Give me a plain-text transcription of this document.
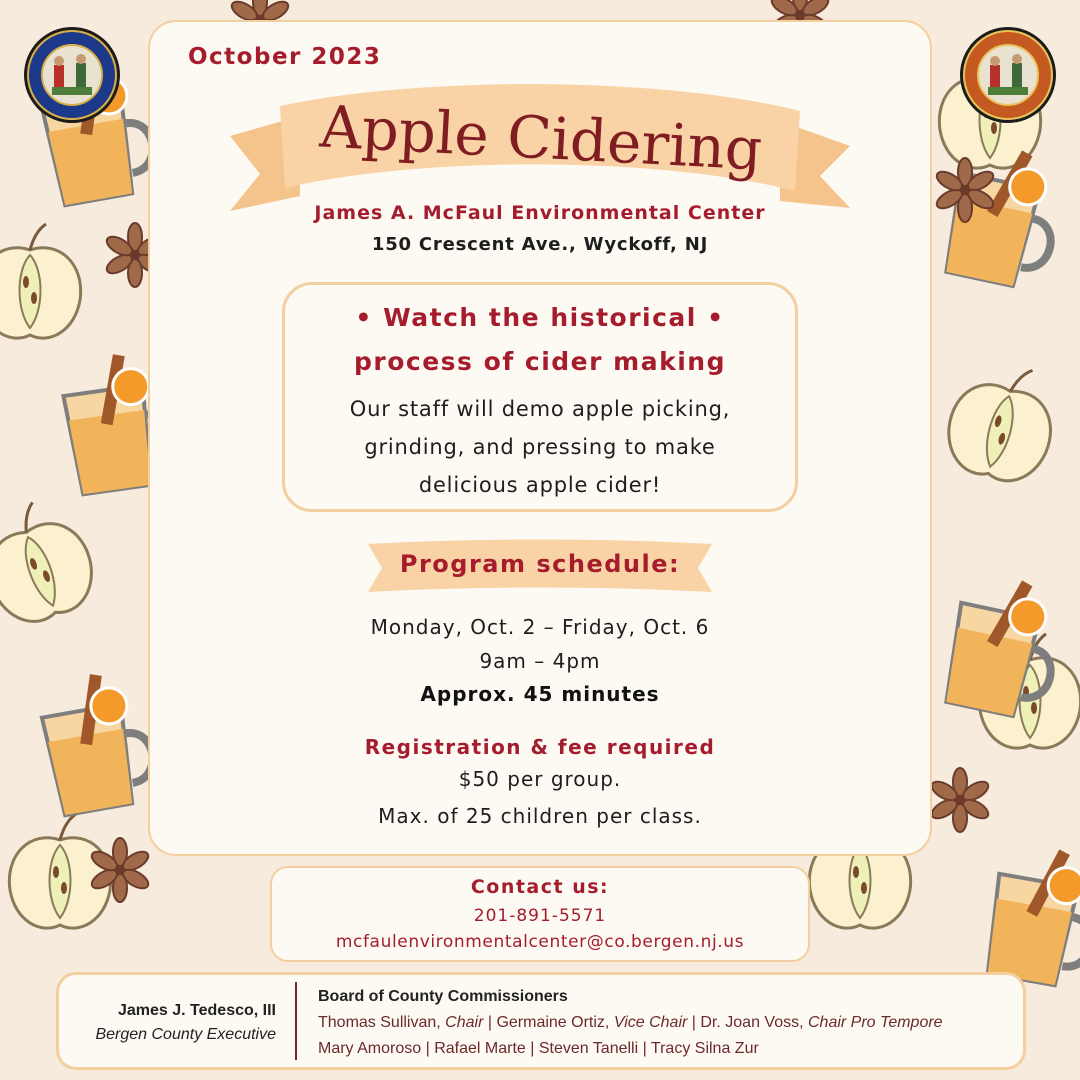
October 2023
Apple Cidering
James A. McFaul Environmental Center
150 Crescent Ave., Wyckoff, NJ
• Watch the historical •
process of cider making
Our staff will demo apple picking,
grinding, and pressing to make
delicious apple cider!
Program schedule:
Monday, Oct. 2 – Friday, Oct. 6
9am – 4pm
Approx. 45 minutes
Registration & fee required
$50 per group.
Max. of 25 children per class.
Contact us:
201-891-5571
mcfaulenvironmentalcenter@co.bergen.nj.us
James J. Tedesco, III
Bergen County Executive
Board of County Commissioners
Thomas Sullivan, Chair | Germaine Ortiz, Vice Chair | Dr. Joan Voss, Chair Pro Tempore
Mary Amoroso | Rafael Marte | Steven Tanelli | Tracy Silna Zur
